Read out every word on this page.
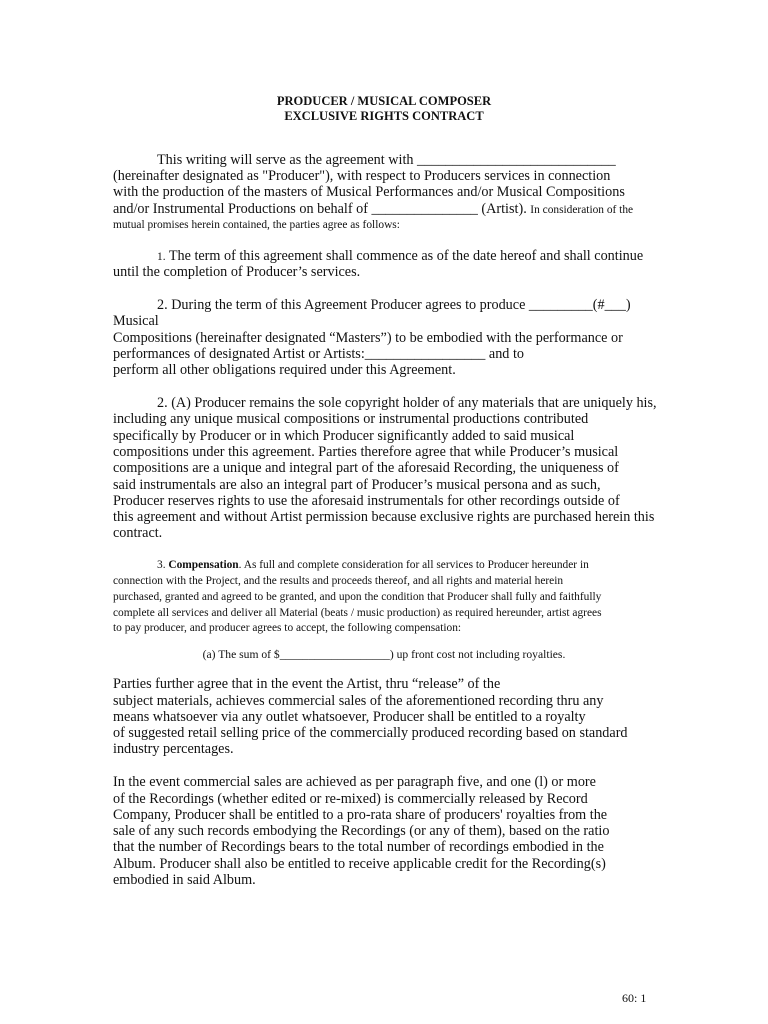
PRODUCER / MUSICAL COMPOSER
EXCLUSIVE RIGHTS CONTRACT
This writing will serve as the agreement with ____________________________
(hereinafter designated as "Producer"), with respect to Producers services in connection
with the production of the masters of Musical Performances and/or Musical Compositions
and/or Instrumental Productions on behalf of _______________ (Artist). In consideration of the
mutual promises herein contained, the parties agree as follows:
1. The term of this agreement shall commence as of the date hereof and shall continue
until the completion of Producer’s services.
2. During the term of this Agreement Producer agrees to produce _________(#___)
Musical
Compositions (hereinafter designated “Masters”) to be embodied with the performance or
performances of designated Artist or Artists:_________________ and to
perform all other obligations required under this Agreement.
2. (A) Producer remains the sole copyright holder of any materials that are uniquely his,
including any unique musical compositions or instrumental productions contributed
specifically by Producer or in which Producer significantly added to said musical
compositions under this agreement. Parties therefore agree that while Producer’s musical
compositions are a unique and integral part of the aforesaid Recording, the uniqueness of
said instrumentals are also an integral part of Producer’s musical persona and as such,
Producer reserves rights to use the aforesaid instrumentals for other recordings outside of
this agreement and without Artist permission because exclusive rights are purchased herein this
contract.
3. Compensation. As full and complete consideration for all services to Producer hereunder in
connection with the Project, and the results and proceeds thereof, and all rights and material herein
purchased, granted and agreed to be granted, and upon the condition that Producer shall fully and faithfully
complete all services and deliver all Material (beats / music production) as required hereunder, artist agrees
to pay producer, and producer agrees to accept, the following compensation:
(a) The sum of $___________________) up front cost not including royalties.
Parties further agree that in the event the Artist, thru “release” of the
subject materials, achieves commercial sales of the aforementioned recording thru any
means whatsoever via any outlet whatsoever, Producer shall be entitled to a royalty
of suggested retail selling price of the commercially produced recording based on standard
industry percentages.
In the event commercial sales are achieved as per paragraph five, and one (l) or more
of the Recordings (whether edited or re-mixed) is commercially released by Record
Company, Producer shall be entitled to a pro-rata share of producers' royalties from the
sale of any such records embodying the Recordings (or any of them), based on the ratio
that the number of Recordings bears to the total number of recordings embodied in the
Album. Producer shall also be entitled to receive applicable credit for the Recording(s)
embodied in said Album.
60: 1
